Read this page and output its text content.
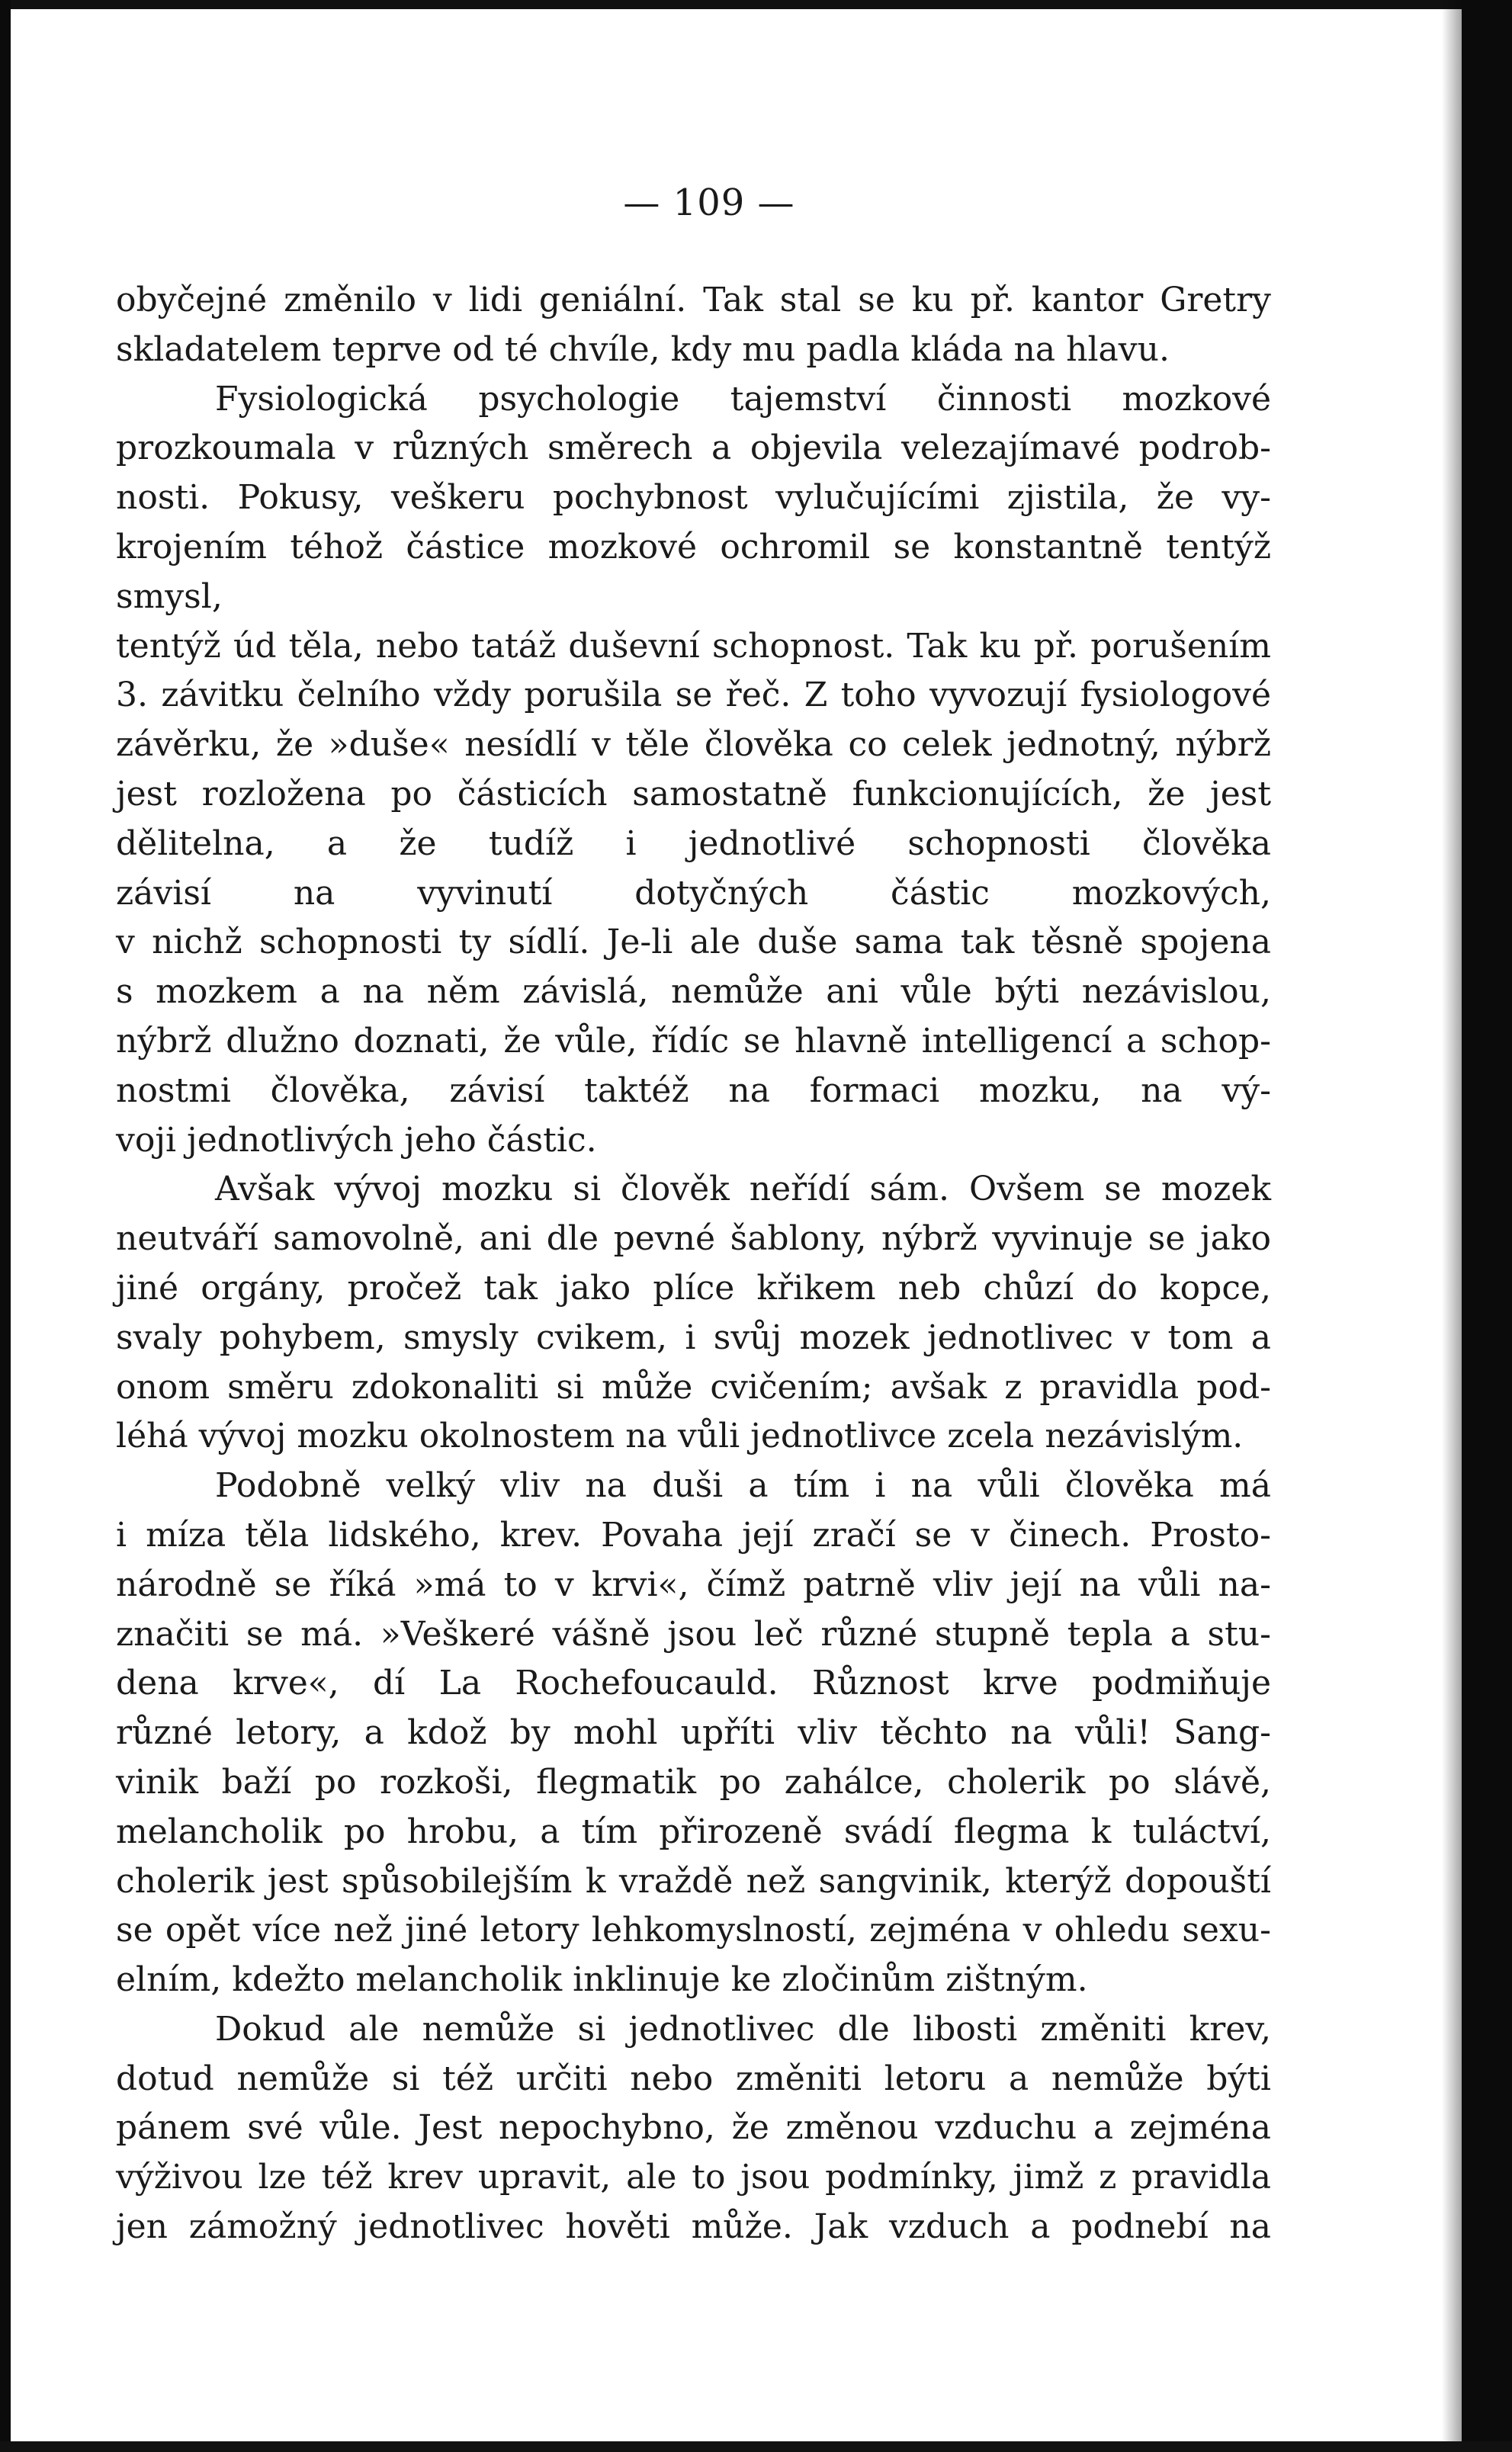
— 109 —

obyčejné změnilo v lidi geniální. Tak stal se ku př. kantor Gretry

skladatelem teprve od té chvíle, kdy mu padla kláda na hlavu.

Fysiologická psychologie tajemství činnosti mozkové

prozkoumala v různých směrech a objevila velezajímavé podrob-

nosti. Pokusy, veškeru pochybnost vylučujícími zjistila, že vy-

krojením téhož částice mozkové ochromil se konstantně tentýž smysl,

tentýž úd těla, nebo tatáž duševní schopnost. Tak ku př. porušením

3. závitku čelního vždy porušila se řeč. Z toho vyvozují fysiologové

závěrku, že »duše« nesídlí v těle člověka co celek jednotný, nýbrž

jest rozložena po částicích samostatně funkcionujících, že jest

dělitelna, a že tudíž i jednotlivé schopnosti člověka

závisí na vyvinutí dotyčných částic mozkových,

v nichž schopnosti ty sídlí. Je-li ale duše sama tak těsně spojena

s mozkem a na něm závislá, nemůže ani vůle býti nezávislou,

nýbrž dlužno doznati, že vůle, řídíc se hlavně intelligencí a schop-

nostmi člověka, závisí taktéž na formaci mozku, na vý-

voji jednotlivých jeho částic.

Avšak vývoj mozku si člověk neřídí sám. Ovšem se mozek

neutváří samovolně, ani dle pevné šablony, nýbrž vyvinuje se jako

jiné orgány, pročež tak jako plíce křikem neb chůzí do kopce,

svaly pohybem, smysly cvikem, i svůj mozek jednotlivec v tom a

onom směru zdokonaliti si může cvičením; avšak z pravidla pod-

léhá vývoj mozku okolnostem na vůli jednotlivce zcela nezávislým.

Podobně velký vliv na duši a tím i na vůli člověka má

i míza těla lidského, krev. Povaha její zračí se v činech. Prosto-

národně se říká »má to v krvi«, čímž patrně vliv její na vůli na-

značiti se má. »Veškeré vášně jsou leč různé stupně tepla a stu-

dena krve«, dí La Rochefoucauld. Různost krve podmiňuje

různé letory, a kdož by mohl upříti vliv těchto na vůli! Sang-

vinik baží po rozkoši, flegmatik po zahálce, cholerik po slávě,

melancholik po hrobu, a tím přirozeně svádí flegma k tuláctví,

cholerik jest spůsobilejším k vraždě než sangvinik, kterýž dopouští

se opět více než jiné letory lehkomyslností, zejména v ohledu sexu-

elním, kdežto melancholik inklinuje ke zločinům zištným.

Dokud ale nemůže si jednotlivec dle libosti změniti krev,

dotud nemůže si též určiti nebo změniti letoru a nemůže býti

pánem své vůle. Jest nepochybno, že změnou vzduchu a zejména

výživou lze též krev upravit, ale to jsou podmínky, jimž z pravidla

jen zámožný jednotlivec hověti může. Jak vzduch a podnebí na
